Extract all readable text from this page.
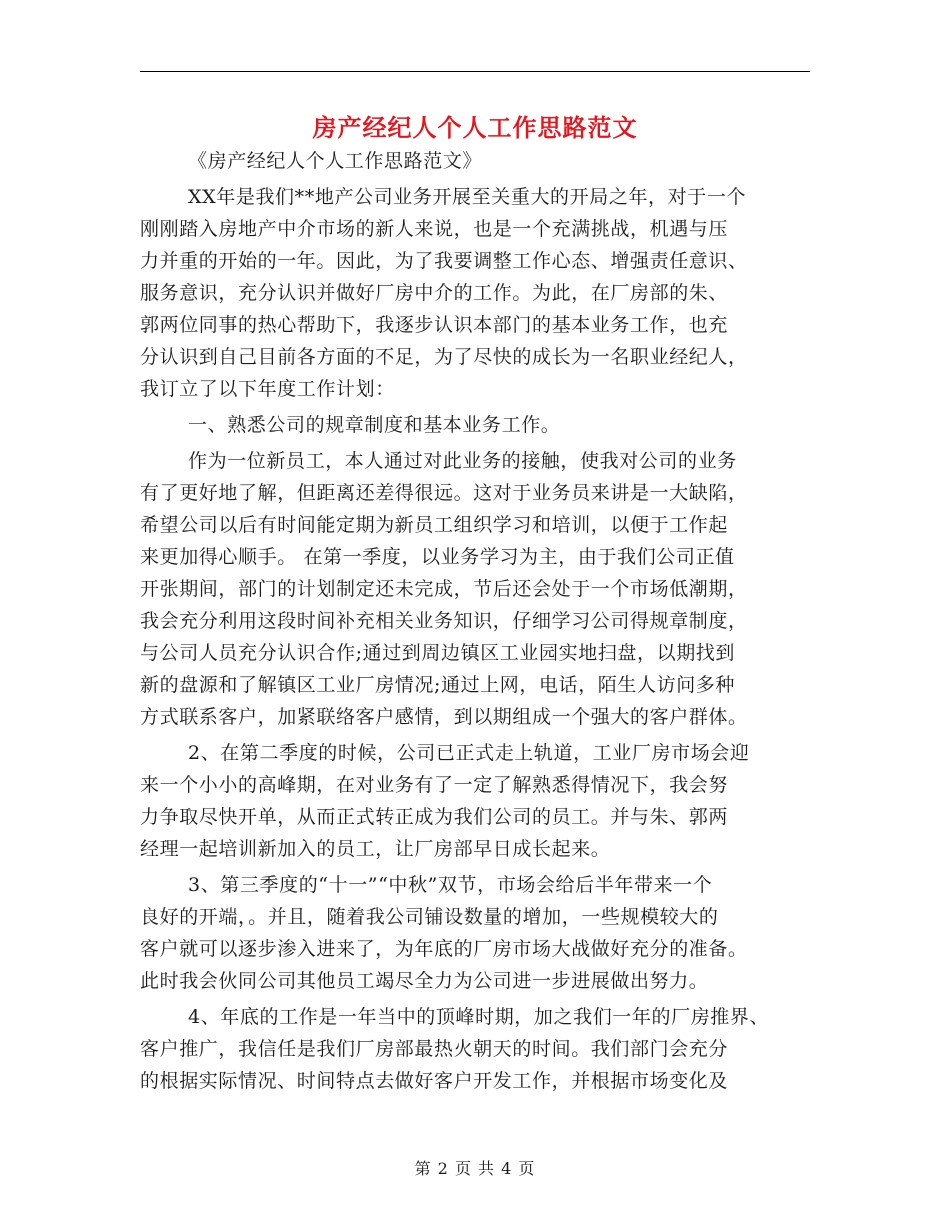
房产经纪人个人工作思路范文
《房产经纪人个人工作思路范文》
XX年是我们**地产公司业务开展至关重大的开局之年，对于一个
刚刚踏入房地产中介市场的新人来说，也是一个充满挑战，机遇与压
力并重的开始的一年。因此，为了我要调整工作心态、增强责任意识、
服务意识，充分认识并做好厂房中介的工作。为此，在厂房部的朱、
郭两位同事的热心帮助下，我逐步认识本部门的基本业务工作，也充
分认识到自己目前各方面的不足，为了尽快的成长为一名职业经纪人，
我订立了以下年度工作计划：
一、熟悉公司的规章制度和基本业务工作。
作为一位新员工，本人通过对此业务的接触，使我对公司的业务
有了更好地了解，但距离还差得很远。这对于业务员来讲是一大缺陷，
希望公司以后有时间能定期为新员工组织学习和培训，以便于工作起
来更加得心顺手。 在第一季度，以业务学习为主，由于我们公司正值
开张期间，部门的计划制定还未完成，节后还会处于一个市场低潮期，
我会充分利用这段时间补充相关业务知识，仔细学习公司得规章制度，
与公司人员充分认识合作;通过到周边镇区工业园实地扫盘，以期找到
新的盘源和了解镇区工业厂房情况;通过上网，电话，陌生人访问多种
方式联系客户，加紧联络客户感情，到以期组成一个强大的客户群体。
2、在第二季度的时候，公司已正式走上轨道，工业厂房市场会迎
来一个小小的高峰期，在对业务有了一定了解熟悉得情况下，我会努
力争取尽快开单，从而正式转正成为我们公司的员工。并与朱、郭两
经理一起培训新加入的员工，让厂房部早日成长起来。
3、第三季度的“十一”“中秋”双节，市场会给后半年带来一个
良好的开端，。并且，随着我公司铺设数量的增加，一些规模较大的
客户就可以逐步渗入进来了，为年底的厂房市场大战做好充分的准备。
此时我会伙同公司其他员工竭尽全力为公司进一步进展做出努力。
4、年底的工作是一年当中的顶峰时期，加之我们一年的厂房推界、
客户推广，我信任是我们厂房部最热火朝天的时间。我们部门会充分
的根据实际情况、时间特点去做好客户开发工作，并根据市场变化及
第 2 页 共 4 页
